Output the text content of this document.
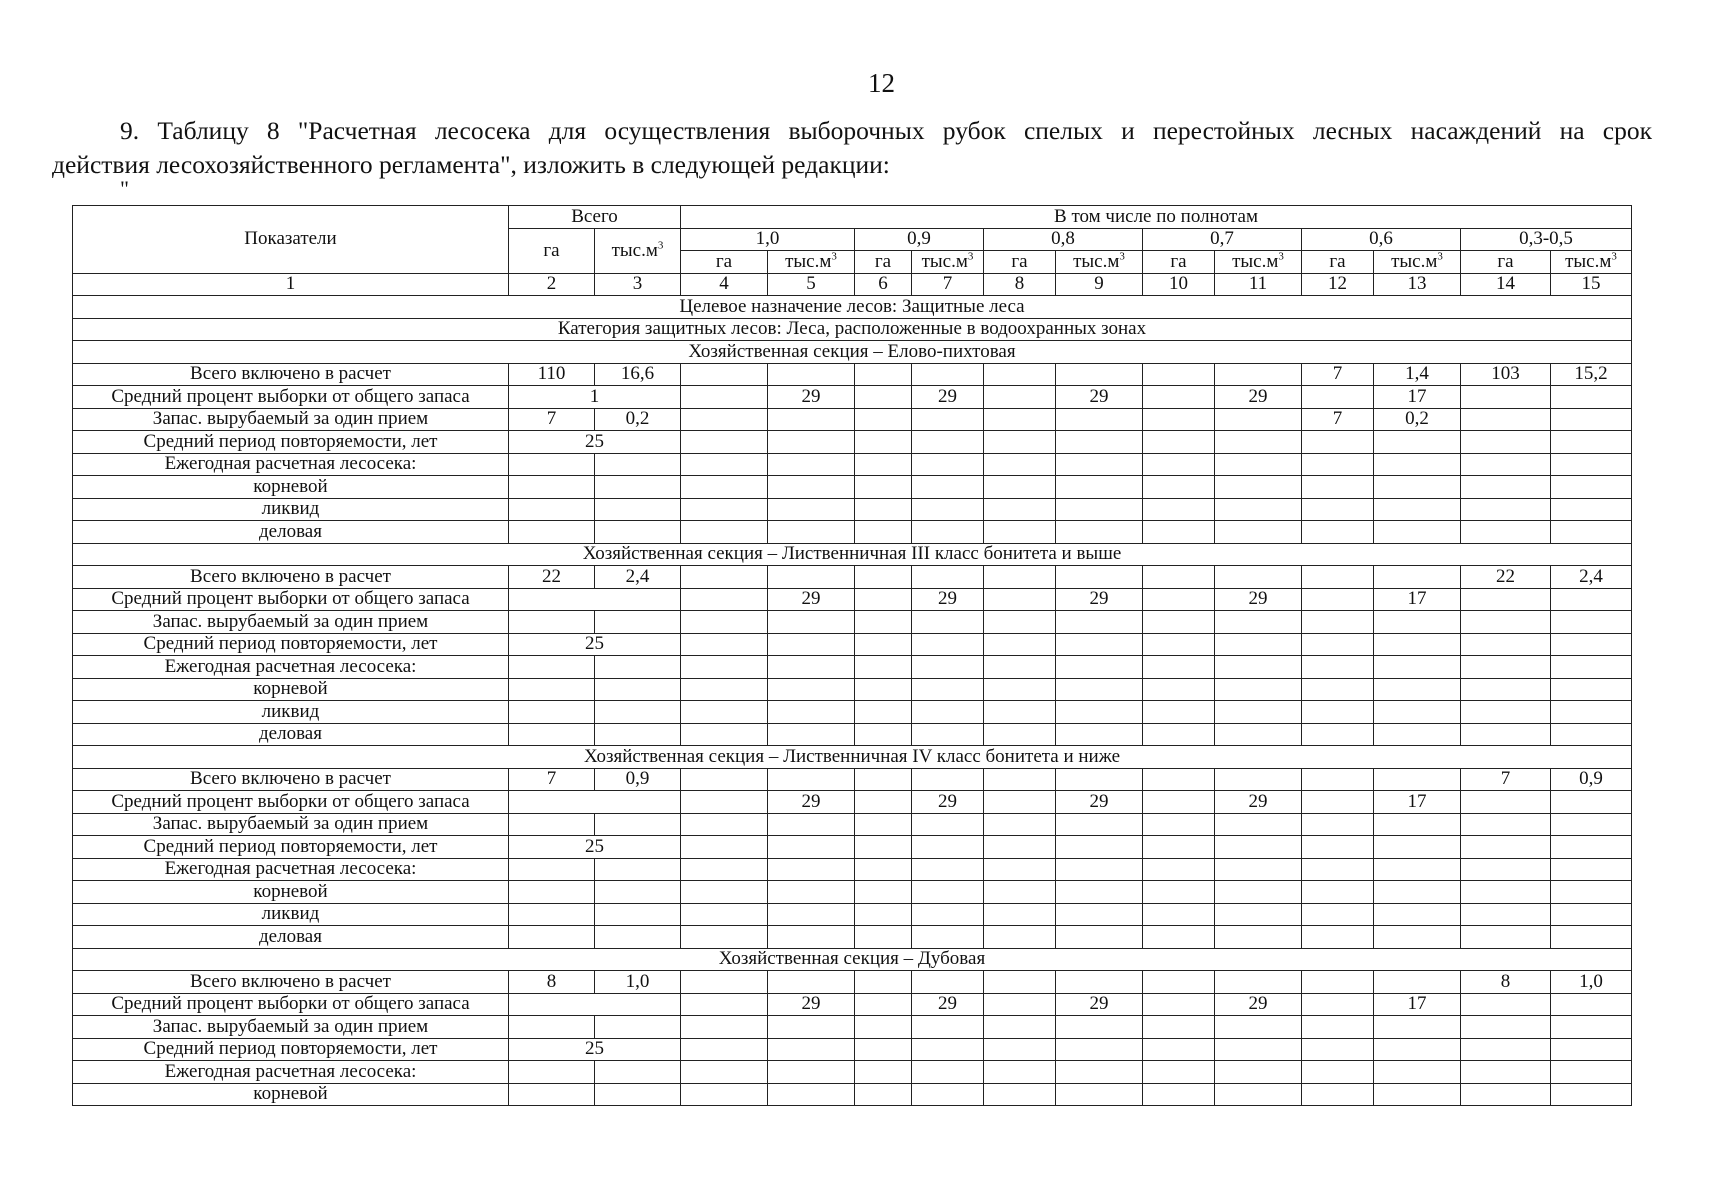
12
9. Таблицу 8 "Расчетная лесосека для осуществления выборочных рубок спелых и перестойных лесных насаждений на срок
действия лесохозяйственного регламента", изложить в следующей редакции:
"
Показатели	Всего		В том числе по полнотам											
	га	$тыс.м^3$	1,0		0,9		0,8		0,7		0,6		0,3-0,5	
			га	$тыс.м^3$	га	$тыс.м^3$	га	$тыс.м^3$	га	$тыс.м^3$	га	$тыс.м^3$	га	$тыс.м^3$
1	2	3	4	5	6	7	8	9	10	11	12	13	14	15
Целевое назначение лесов: Защитные леса														
Категория защитных лесов: Леса, расположенные в водоохранных зонах														
Хозяйственная секция – Елово-пихтовая														
Всего включено в расчет	110	16,6									7	1,4	103	15,2
Средний процент выборки от общего запаса	1			29		29		29		29		17		
Запас. вырубаемый за один прием	7	0,2									7	0,2		
Средний период повторяемости, лет	25													
Ежегодная расчетная лесосека:														
корневой														
ликвид														
деловая														
Хозяйственная секция – Лиственничная III класс бонитета и выше														
Всего включено в расчет	22	2,4											22	2,4
Средний процент выборки от общего запаса				29		29		29		29		17		
Запас. вырубаемый за один прием														
Средний период повторяемости, лет	25													
Ежегодная расчетная лесосека:														
корневой														
ликвид														
деловая														
Хозяйственная секция – Лиственничная IV класс бонитета и ниже														
Всего включено в расчет	7	0,9											7	0,9
Средний процент выборки от общего запаса				29		29		29		29		17		
Запас. вырубаемый за один прием														
Средний период повторяемости, лет	25													
Ежегодная расчетная лесосека:														
корневой														
ликвид														
деловая														
Хозяйственная секция – Дубовая														
Всего включено в расчет	8	1,0											8	1,0
Средний процент выборки от общего запаса				29		29		29		29		17		
Запас. вырубаемый за один прием														
Средний период повторяемости, лет	25													
Ежегодная расчетная лесосека:														
корневой														
